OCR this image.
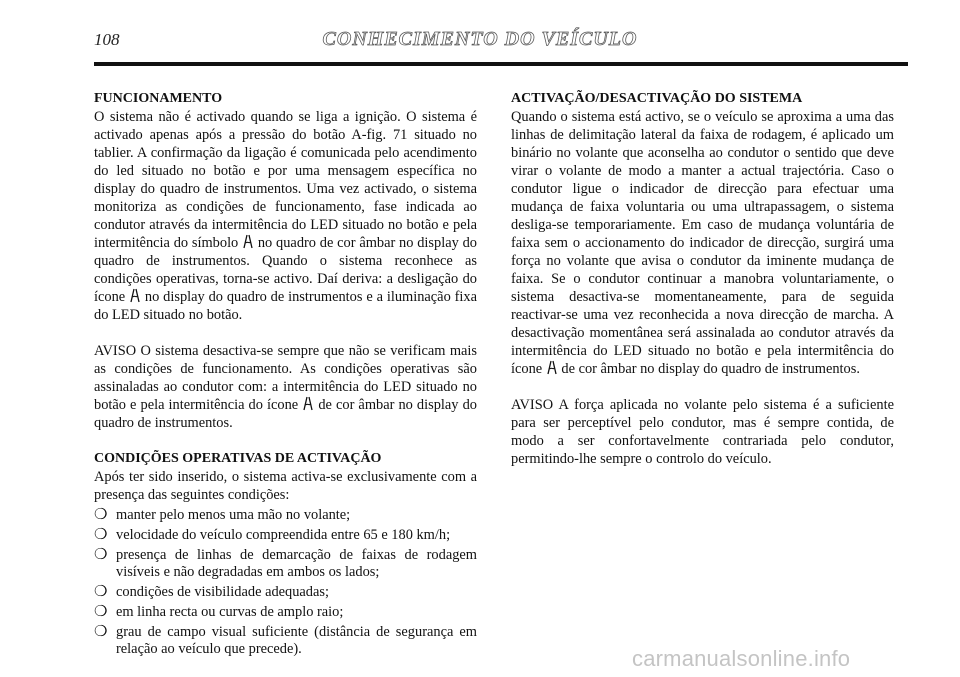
108	CONHECIMENTO DO VEÍCULO
FUNCIONAMENTO

O sistema não é activado quando se liga a ignição. O sistema é activado apenas após a pressão do botão A-fig. 71 situado no tablier. A confirmação da ligação é comunicada pelo acendimento do led situado no botão e por uma mensagem específica no display do quadro de instrumentos. Uma vez activado, o sistema monitoriza as condições de funcionamento, fase indicada ao condutor através da intermitência do LED situado no botão e pela intermitência do símbolo no quadro de cor âmbar no display do quadro de instrumentos. Quando o sistema reconhece as condições operativas, torna-se activo. Daí deriva: a desligação do ícone no display do quadro de instrumentos e a iluminação fixa do LED situado no botão.

AVISO O sistema desactiva-se sempre que não se verificam mais as condições de funcionamento. As condições operativas são assinaladas ao condutor com: a intermitência do LED situado no botão e pela intermitência do ícone de cor âmbar no display do quadro de instrumentos.

CONDIÇÕES OPERATIVAS DE ACTIVAÇÃO

Após ter sido inserido, o sistema activa-se exclusivamente com a presença das seguintes condições:

❍ manter pelo menos uma mão no volante;
❍ velocidade do veículo compreendida entre 65 e 180 km/h;
❍ presença de linhas de demarcação de faixas de rodagem visíveis e não degradadas em ambos os lados;
❍ condições de visibilidade adequadas;
❍ em linha recta ou curvas de amplo raio;
❍ grau de campo visual suficiente (distância de segurança em relação ao veículo que precede).
ACTIVAÇÃO/DESACTIVAÇÃO DO SISTEMA

Quando o sistema está activo, se o veículo se aproxima a uma das linhas de delimitação lateral da faixa de rodagem, é aplicado um binário no volante que aconselha ao condutor o sentido que deve virar o volante de modo a manter a actual trajectória. Caso o condutor ligue o indicador de direcção para efectuar uma mudança de faixa voluntaria ou uma ultrapassagem, o sistema desliga-se temporariamente. Em caso de mudança voluntária de faixa sem o accionamento do indicador de direcção, surgirá uma força no volante que avisa o condutor da iminente mudança de faixa. Se o condutor continuar a manobra voluntariamente, o sistema desactiva-se momentaneamente, para de seguida reactivar-se uma vez reconhecida a nova direcção de marcha. A desactivação momentânea será assinalada ao condutor através da intermitência do LED situado no botão e pela intermitência do ícone de cor âmbar no display do quadro de instrumentos.

AVISO A força aplicada no volante pelo sistema é a suficiente para ser perceptível pelo condutor, mas é sempre contida, de modo a ser confortavelmente contrariada pelo condutor, permitindo-lhe sempre o controlo do veículo.

carmanualsonline.info
